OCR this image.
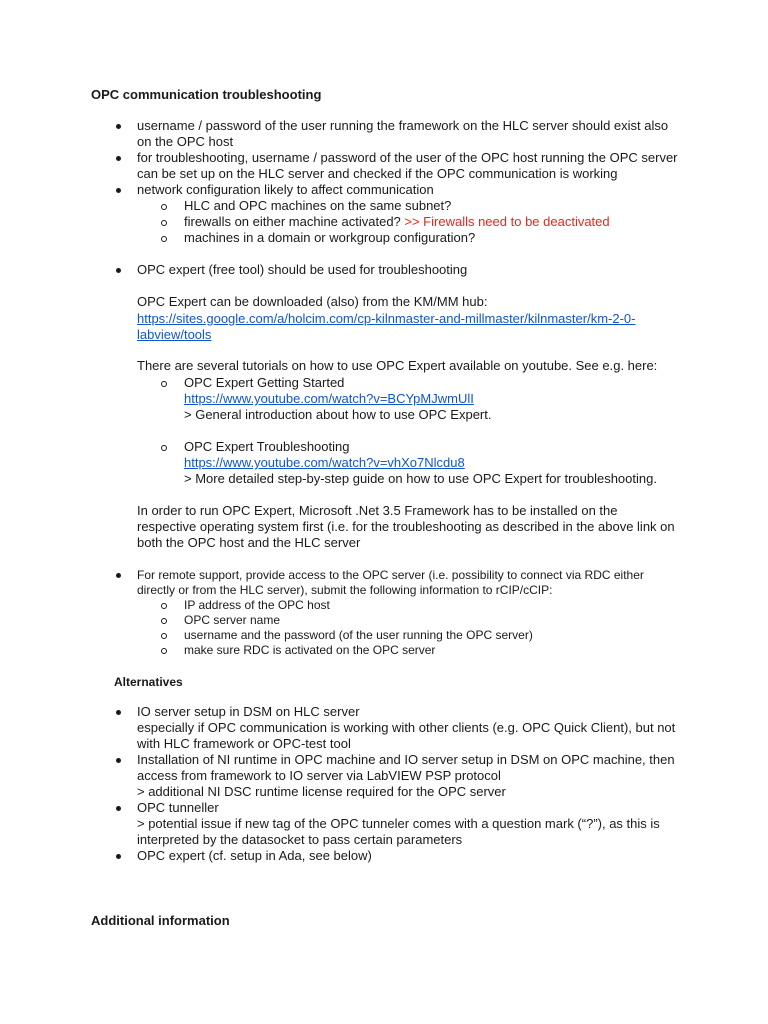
OPC communication troubleshooting
username / password of the user running the framework on the HLC server should exist also
on the OPC host
for troubleshooting, username / password of the user of the OPC host running the OPC server
can be set up on the HLC server and checked if the OPC communication is working
network configuration likely to affect communication
HLC and OPC machines on the same subnet?
firewalls on either machine activated? >> Firewalls need to be deactivated
machines in a domain or workgroup configuration?
OPC expert (free tool) should be used for troubleshooting
OPC Expert can be downloaded (also) from the KM/MM hub:
https://sites.google.com/a/holcim.com/cp-kilnmaster-and-millmaster/kilnmaster/km-2-0-
labview/tools
There are several tutorials on how to use OPC Expert available on youtube. See e.g. here:
OPC Expert Getting Started
https://www.youtube.com/watch?v=BCYpMJwmUlI
> General introduction about how to use OPC Expert.
OPC Expert Troubleshooting
https://www.youtube.com/watch?v=vhXo7Nlcdu8
> More detailed step-by-step guide on how to use OPC Expert for troubleshooting.
In order to run OPC Expert, Microsoft .Net 3.5 Framework has to be installed on the
respective operating system first (i.e. for the troubleshooting as described in the above link on
both the OPC host and the HLC server
For remote support, provide access to the OPC server (i.e. possibility to connect via RDC either
directly or from the HLC server), submit the following information to rCIP/cCIP:
IP address of the OPC host
OPC server name
username and the password (of the user running the OPC server)
make sure RDC is activated on the OPC server
Alternatives
IO server setup in DSM on HLC server
especially if OPC communication is working with other clients (e.g. OPC Quick Client), but not
with HLC framework or OPC-test tool
Installation of NI runtime in OPC machine and IO server setup in DSM on OPC machine, then
access from framework to IO server via LabVIEW PSP protocol
> additional NI DSC runtime license required for the OPC server
OPC tunneller
> potential issue if new tag of the OPC tunneler comes with a question mark (“?”), as this is
interpreted by the datasocket to pass certain parameters
OPC expert (cf. setup in Ada, see below)
Additional information
